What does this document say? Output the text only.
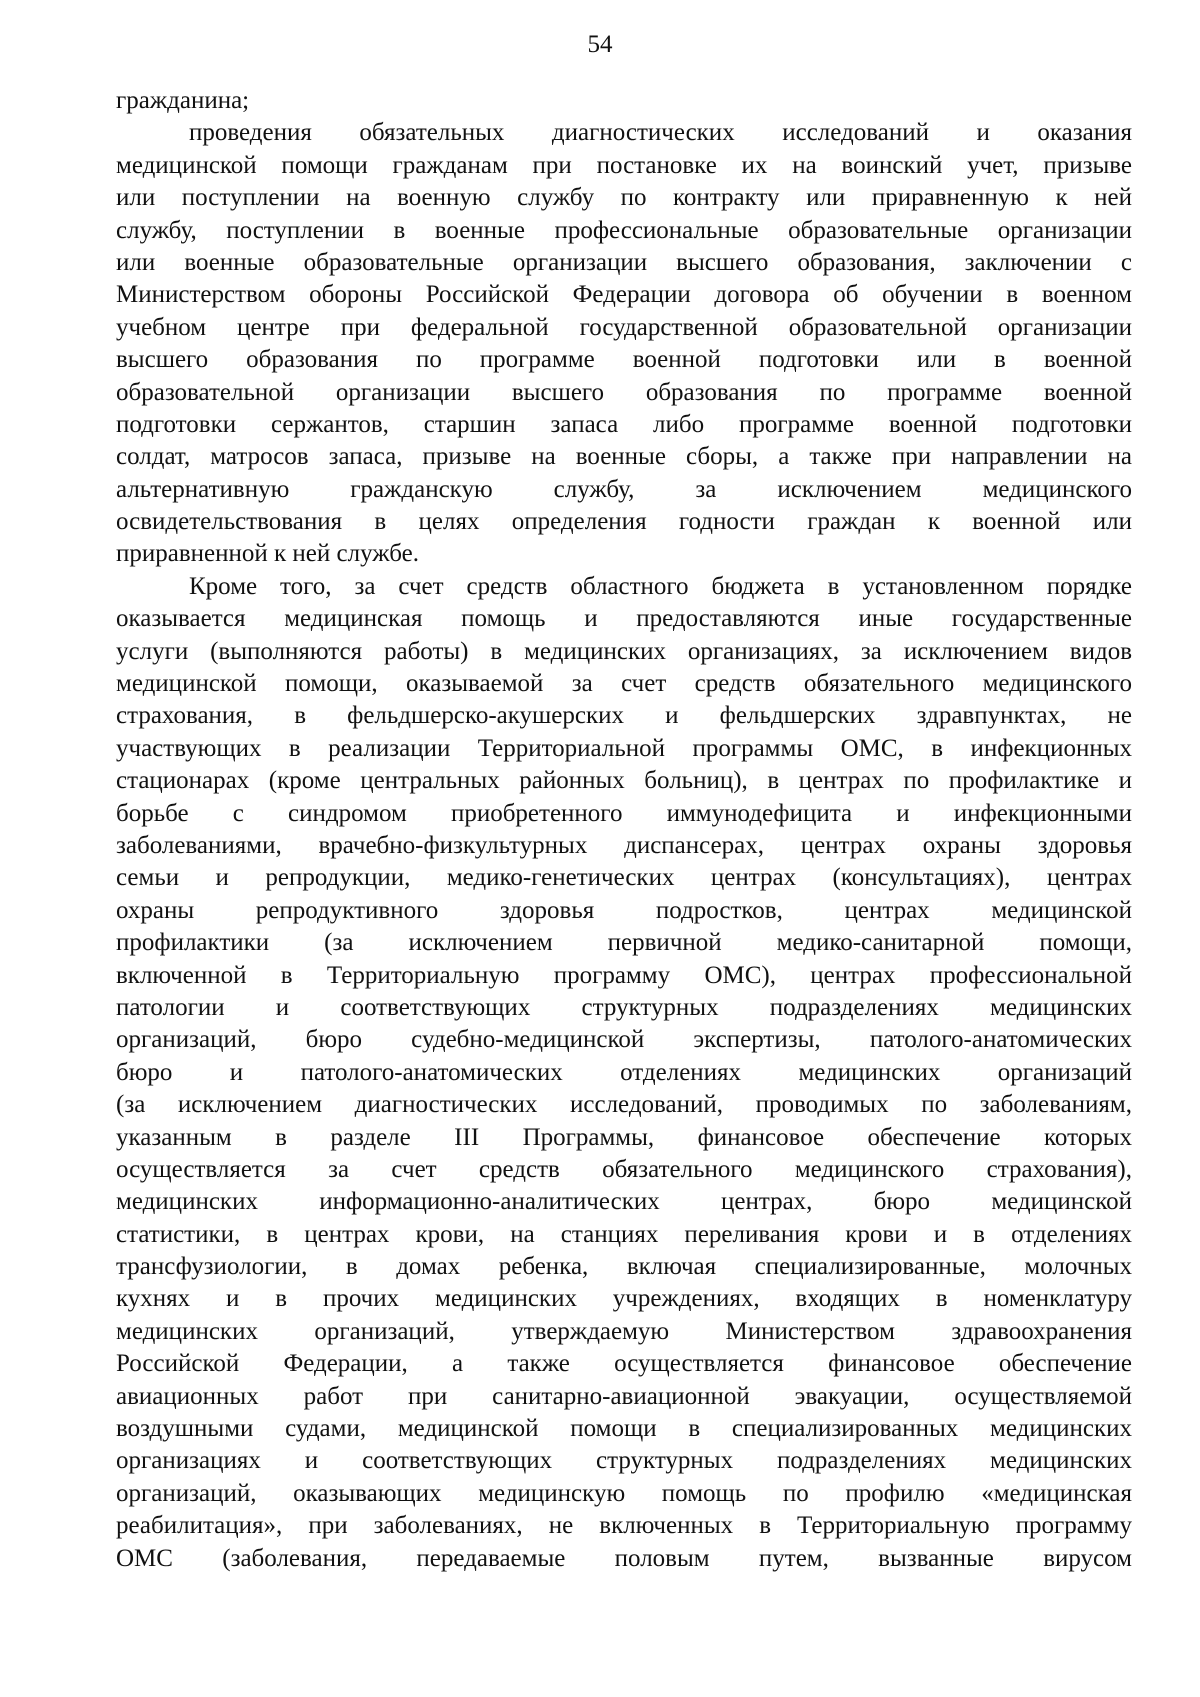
54
гражданина;
проведения обязательных диагностических исследований и оказания
медицинской помощи гражданам при постановке их на воинский учет, призыве
или поступлении на военную службу по контракту или приравненную к ней
службу, поступлении в военные профессиональные образовательные организации
или военные образовательные организации высшего образования, заключении с
Министерством обороны Российской Федерации договора об обучении в военном
учебном центре при федеральной государственной образовательной организации
высшего образования по программе военной подготовки или в военной
образовательной организации высшего образования по программе военной
подготовки сержантов, старшин запаса либо программе военной подготовки
солдат, матросов запаса, призыве на военные сборы, а также при направлении на
альтернативную гражданскую службу, за исключением медицинского
освидетельствования в целях определения годности граждан к военной или
приравненной к ней службе.
Кроме того, за счет средств областного бюджета в установленном порядке
оказывается медицинская помощь и предоставляются иные государственные
услуги (выполняются работы) в медицинских организациях, за исключением видов
медицинской помощи, оказываемой за счет средств обязательного медицинского
страхования, в фельдшерско-акушерских и фельдшерских здравпунктах, не
участвующих в реализации Территориальной программы ОМС, в инфекционных
стационарах (кроме центральных районных больниц), в центрах по профилактике и
борьбе с синдромом приобретенного иммунодефицита и инфекционными
заболеваниями, врачебно-физкультурных диспансерах, центрах охраны здоровья
семьи и репродукции, медико-генетических центрах (консультациях), центрах
охраны репродуктивного здоровья подростков, центрах медицинской
профилактики (за исключением первичной медико-санитарной помощи,
включенной в Территориальную программу ОМС), центрах профессиональной
патологии и соответствующих структурных подразделениях медицинских
организаций, бюро судебно-медицинской экспертизы, патолого-анатомических
бюро и патолого-анатомических отделениях медицинских организаций
(за исключением диагностических исследований, проводимых по заболеваниям,
указанным в разделе III Программы, финансовое обеспечение которых
осуществляется за счет средств обязательного медицинского страхования),
медицинских информационно-аналитических центрах, бюро медицинской
статистики, в центрах крови, на станциях переливания крови и в отделениях
трансфузиологии, в домах ребенка, включая специализированные, молочных
кухнях и в прочих медицинских учреждениях, входящих в номенклатуру
медицинских организаций, утверждаемую Министерством здравоохранения
Российской Федерации, а также осуществляется финансовое обеспечение
авиационных работ при санитарно-авиационной эвакуации, осуществляемой
воздушными судами, медицинской помощи в специализированных медицинских
организациях и соответствующих структурных подразделениях медицинских
организаций, оказывающих медицинскую помощь по профилю «медицинская
реабилитация», при заболеваниях, не включенных в Территориальную программу
ОМС (заболевания, передаваемые половым путем, вызванные вирусом
